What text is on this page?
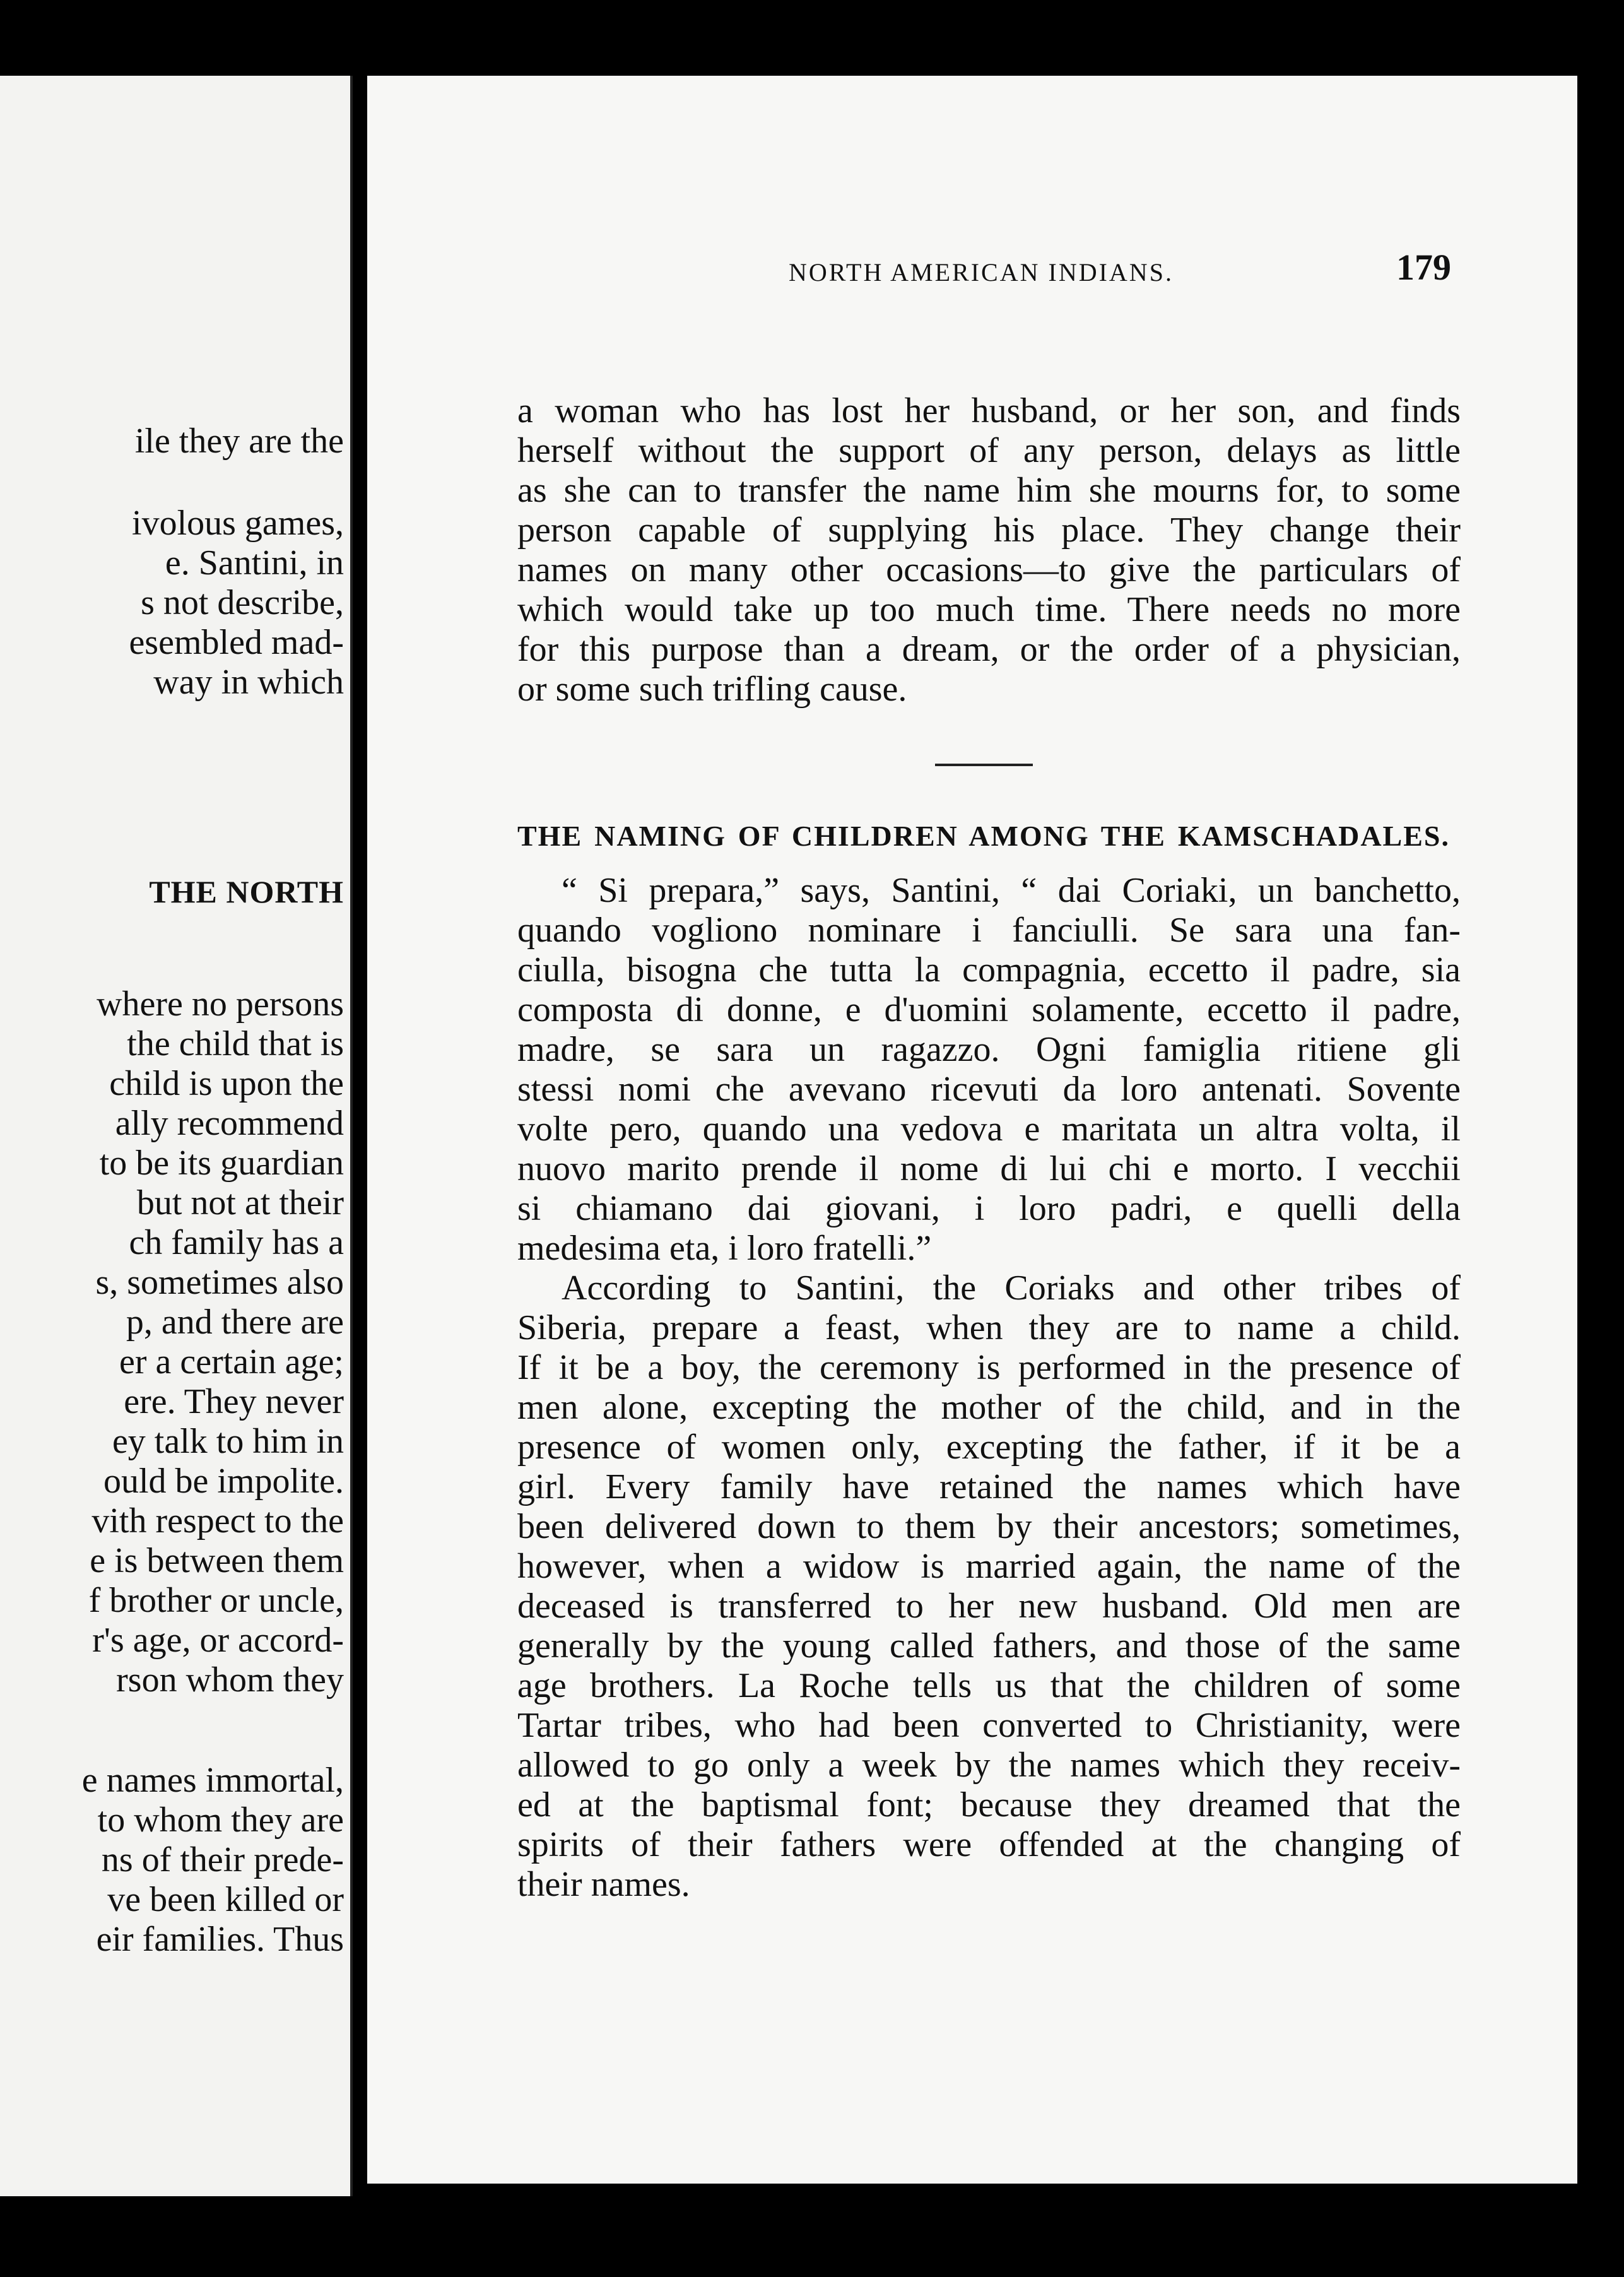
ile they are the
ivolous games,
e. Santini, in
s not describe,
esembled mad-
way in which
THE NORTH
where no persons
the child that is
child is upon the
ally recommend
to be its guardian
but not at their
ch family has a
s, sometimes also
p, and there are
er a certain age;
ere. They never
ey talk to him in
ould be impolite.
vith respect to the
e is between them
f brother or uncle,
r's age, or accord-
rson whom they
e names immortal,
to whom they are
ns of their prede-
ve been killed or
eir families. Thus
NORTH AMERICAN INDIANS.	179
a woman who has lost her husband, or her son, and finds
herself without the support of any person, delays as little
as she can to transfer the name him she mourns for, to some
person capable of supplying his place. They change their
names on many other occasions—to give the particulars of
which would take up too much time. There needs no more
for this purpose than a dream, or the order of a physician,
or some such trifling cause.
THE NAMING OF CHILDREN AMONG THE KAMSCHADALES.
“ Si prepara,” says, Santini, “ dai Coriaki, un banchetto,
quando vogliono nominare i fanciulli. Se sara una fan-
ciulla, bisogna che tutta la compagnia, eccetto il padre, sia
composta di donne, e d'uomini solamente, eccetto il padre,
madre, se sara un ragazzo. Ogni famiglia ritiene gli
stessi nomi che avevano ricevuti da loro antenati. Sovente
volte pero, quando una vedova e maritata un altra volta, il
nuovo marito prende il nome di lui chi e morto. I vecchii
si chiamano dai giovani, i loro padri, e quelli della
medesima eta, i loro fratelli.”
According to Santini, the Coriaks and other tribes of
Siberia, prepare a feast, when they are to name a child.
If it be a boy, the ceremony is performed in the presence of
men alone, excepting the mother of the child, and in the
presence of women only, excepting the father, if it be a
girl. Every family have retained the names which have
been delivered down to them by their ancestors; sometimes,
however, when a widow is married again, the name of the
deceased is transferred to her new husband. Old men are
generally by the young called fathers, and those of the same
age brothers. La Roche tells us that the children of some
Tartar tribes, who had been converted to Christianity, were
allowed to go only a week by the names which they receiv-
ed at the baptismal font; because they dreamed that the
spirits of their fathers were offended at the changing of
their names.
